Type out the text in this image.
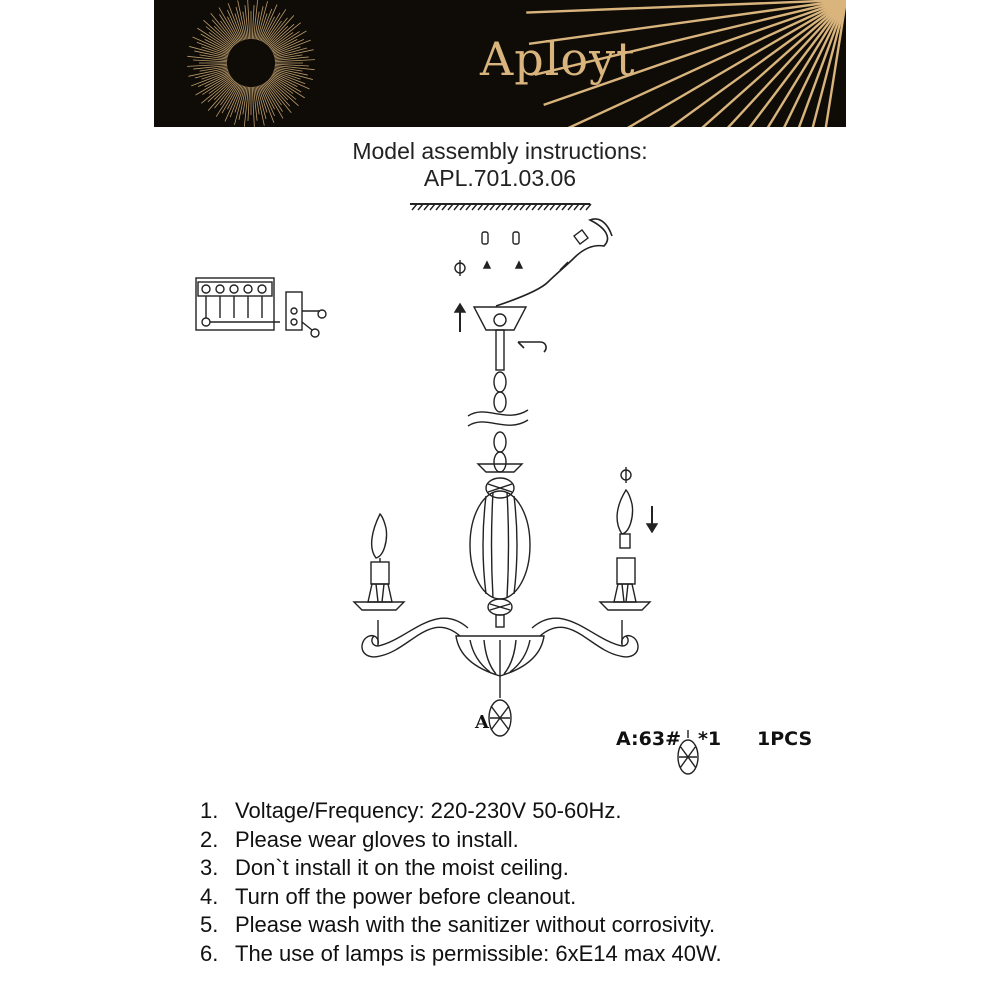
Aployt
Model assembly instructions:
APL.701.03.06
A
A:63# *1 1PCS
1. Voltage/Frequency: 220-230V 50-60Hz.
2. Please wear gloves to install.
3. Don`t install it on the moist ceiling.
4. Turn off the power before cleanout.
5. Please wash with the sanitizer without corrosivity.
6. The use of lamps is permissible: 6xE14 max 40W.
